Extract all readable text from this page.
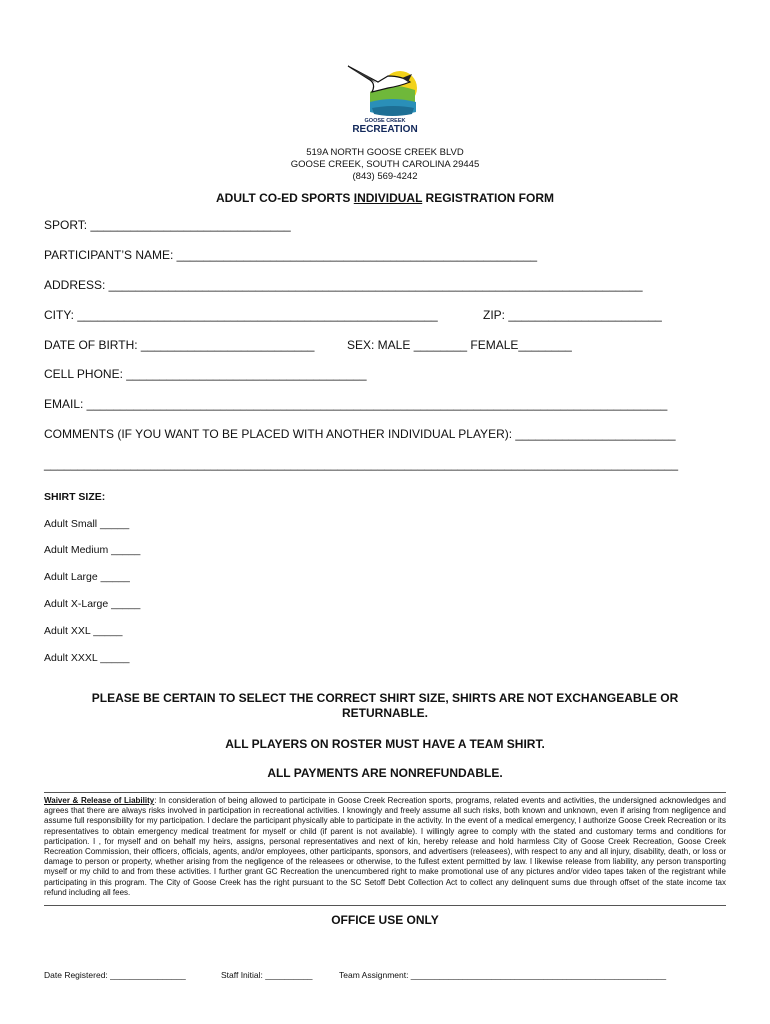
GOOSE CREEK
RECREATION
519A NORTH GOOSE CREEK BLVD
GOOSE CREEK, SOUTH CAROLINA 29445
(843) 569-4242
ADULT CO-ED SPORTS INDIVIDUAL REGISTRATION FORM
SPORT: ______________________________
PARTICIPANT’S NAME: ______________________________________________________
ADDRESS: ________________________________________________________________________________
CITY: ______________________________________________________	ZIP: _______________________
DATE OF BIRTH: __________________________	SEX: MALE ________ FEMALE________
CELL PHONE: ____________________________________
EMAIL: _______________________________________________________________________________________
COMMENTS (IF YOU WANT TO BE PLACED WITH ANOTHER INDIVIDUAL PLAYER): ________________________
_______________________________________________________________________________________________
SHIRT SIZE:
Adult Small _____
Adult Medium _____
Adult Large _____
Adult X-Large _____
Adult XXL _____
Adult XXXL _____
PLEASE BE CERTAIN TO SELECT THE CORRECT SHIRT SIZE, SHIRTS ARE NOT EXCHANGEABLE OR RETURNABLE.
ALL PLAYERS ON ROSTER MUST HAVE A TEAM SHIRT.
ALL PAYMENTS ARE NONREFUNDABLE.
Waiver & Release of Liability: In consideration of being allowed to participate in Goose Creek Recreation sports, programs, related events and activities, the undersigned acknowledges and agrees that there are always risks involved in participation in recreational activities. I knowingly and freely assume all such risks, both known and unknown, even if arising from negligence and assume full responsibility for my participation. I declare the participant physically able to participate in the activity. In the event of a medical emergency, I authorize Goose Creek Recreation or its representatives to obtain emergency medical treatment for myself or child (if parent is not available). I willingly agree to comply with the stated and customary terms and conditions for participation. I , for myself and on behalf my heirs, assigns, personal representatives and next of kin, hereby release and hold harmless City of Goose Creek Recreation, Goose Creek Recreation Commission, their officers, officials, agents, and/or employees, other participants, sponsors, and advertisers (releasees), with respect to any and all injury, disability, death, or loss or damage to person or property, whether arising from the negligence of the releasees or otherwise, to the fullest extent permitted by law. I likewise release from liability, any person transporting myself or my child to and from these activities. I further grant GC Recreation the unencumbered right to make promotional use of any pictures and/or video tapes taken of the registrant while participating in this program. The City of Goose Creek has the right pursuant to the SC Setoff Debt Collection Act to collect any delinquent sums due through offset of the state income tax refund including all fees.
OFFICE USE ONLY
Date Registered: ________________	Staff Initial: __________	Team Assignment: ______________________________________________________
